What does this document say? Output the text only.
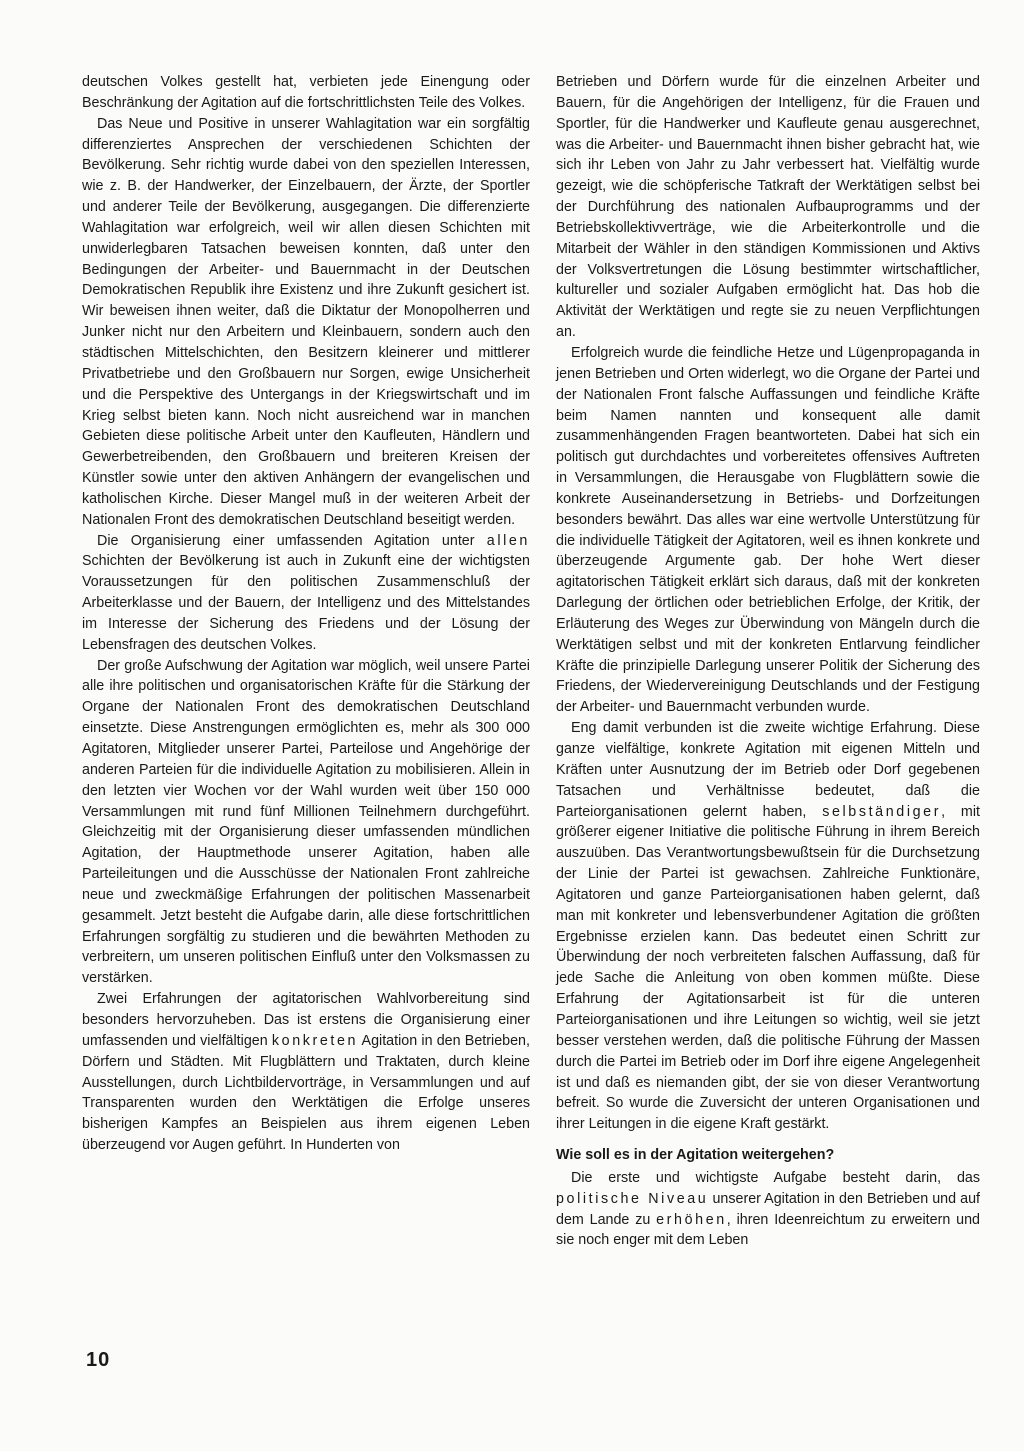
deutschen Volkes gestellt hat, verbieten jede Einengung oder Beschränkung der Agitation auf die fortschrittlichsten Teile des Volkes.

Das Neue und Positive in unserer Wahlagitation war ein sorgfältig differenziertes Ansprechen der verschiedenen Schichten der Bevölkerung. Sehr richtig wurde dabei von den speziellen Interessen, wie z. B. der Handwerker, der Einzelbauern, der Ärzte, der Sportler und anderer Teile der Bevölkerung, ausgegangen. Die differenzierte Wahlagitation war erfolgreich, weil wir allen diesen Schichten mit unwiderlegbaren Tatsachen beweisen konnten, daß unter den Bedingungen der Arbeiter- und Bauernmacht in der Deutschen Demokratischen Republik ihre Existenz und ihre Zukunft gesichert ist. Wir beweisen ihnen weiter, daß die Diktatur der Monopolherren und Junker nicht nur den Arbeitern und Kleinbauern, sondern auch den städtischen Mittelschichten, den Besitzern kleinerer und mittlerer Privatbetriebe und den Großbauern nur Sorgen, ewige Unsicherheit und die Perspektive des Untergangs in der Kriegswirtschaft und im Krieg selbst bieten kann. Noch nicht ausreichend war in manchen Gebieten diese politische Arbeit unter den Kaufleuten, Händlern und Gewerbetreibenden, den Großbauern und breiteren Kreisen der Künstler sowie unter den aktiven Anhängern der evangelischen und katholischen Kirche. Dieser Mangel muß in der weiteren Arbeit der Nationalen Front des demokratischen Deutschland beseitigt werden.

Die Organisierung einer umfassenden Agitation unter allen Schichten der Bevölkerung ist auch in Zukunft eine der wichtigsten Voraussetzungen für den politischen Zusammenschluß der Arbeiterklasse und der Bauern, der Intelligenz und des Mittelstandes im Interesse der Sicherung des Friedens und der Lösung der Lebensfragen des deutschen Volkes.

Der große Aufschwung der Agitation war möglich, weil unsere Partei alle ihre politischen und organisatorischen Kräfte für die Stärkung der Organe der Nationalen Front des demokratischen Deutschland einsetzte. Diese Anstrengungen ermöglichten es, mehr als 300 000 Agitatoren, Mitglieder unserer Partei, Parteilose und Angehörige der anderen Parteien für die individuelle Agitation zu mobilisieren. Allein in den letzten vier Wochen vor der Wahl wurden weit über 150 000 Versammlungen mit rund fünf Millionen Teilnehmern durchgeführt. Gleichzeitig mit der Organisierung dieser umfassenden mündlichen Agitation, der Hauptmethode unserer Agitation, haben alle Parteileitungen und die Ausschüsse der Nationalen Front zahlreiche neue und zweckmäßige Erfahrungen der politischen Massenarbeit gesammelt. Jetzt besteht die Aufgabe darin, alle diese fortschrittlichen Erfahrungen sorgfältig zu studieren und die bewährten Methoden zu verbreitern, um unseren politischen Einfluß unter den Volksmassen zu verstärken.

Zwei Erfahrungen der agitatorischen Wahlvorbereitung sind besonders hervorzuheben. Das ist erstens die Organisierung einer umfassenden und vielfältigen konkreten Agitation in den Betrieben, Dörfern und Städten. Mit Flugblättern und Traktaten, durch kleine Ausstellungen, durch Lichtbildervorträge, in Versammlungen und auf Transparenten wurden den Werktätigen die Erfolge unseres bisherigen Kampfes an Beispielen aus ihrem eigenen Leben überzeugend vor Augen geführt. In Hunderten von

Betrieben und Dörfern wurde für die einzelnen Arbeiter und Bauern, für die Angehörigen der Intelligenz, für die Frauen und Sportler, für die Handwerker und Kaufleute genau ausgerechnet, was die Arbeiter- und Bauernmacht ihnen bisher gebracht hat, wie sich ihr Leben von Jahr zu Jahr verbessert hat. Vielfältig wurde gezeigt, wie die schöpferische Tatkraft der Werktätigen selbst bei der Durchführung des nationalen Aufbauprogramms und der Betriebskollektivverträge, wie die Arbeiterkontrolle und die Mitarbeit der Wähler in den ständigen Kommissionen und Aktivs der Volksvertretungen die Lösung bestimmter wirtschaftlicher, kultureller und sozialer Aufgaben ermöglicht hat. Das hob die Aktivität der Werktätigen und regte sie zu neuen Verpflichtungen an.

Erfolgreich wurde die feindliche Hetze und Lügenpropaganda in jenen Betrieben und Orten widerlegt, wo die Organe der Partei und der Nationalen Front falsche Auffassungen und feindliche Kräfte beim Namen nannten und konsequent alle damit zusammenhängenden Fragen beantworteten. Dabei hat sich ein politisch gut durchdachtes und vorbereitetes offensives Auftreten in Versammlungen, die Herausgabe von Flugblättern sowie die konkrete Auseinandersetzung in Betriebs- und Dorfzeitungen besonders bewährt. Das alles war eine wertvolle Unterstützung für die individuelle Tätigkeit der Agitatoren, weil es ihnen konkrete und überzeugende Argumente gab. Der hohe Wert dieser agitatorischen Tätigkeit erklärt sich daraus, daß mit der konkreten Darlegung der örtlichen oder betrieblichen Erfolge, der Kritik, der Erläuterung des Weges zur Überwindung von Mängeln durch die Werktätigen selbst und mit der konkreten Entlarvung feindlicher Kräfte die prinzipielle Darlegung unserer Politik der Sicherung des Friedens, der Wiedervereinigung Deutschlands und der Festigung der Arbeiter- und Bauernmacht verbunden wurde.

Eng damit verbunden ist die zweite wichtige Erfahrung. Diese ganze vielfältige, konkrete Agitation mit eigenen Mitteln und Kräften unter Ausnutzung der im Betrieb oder Dorf gegebenen Tatsachen und Verhältnisse bedeutet, daß die Parteiorganisationen gelernt haben, selbständiger, mit größerer eigener Initiative die politische Führung in ihrem Bereich auszuüben. Das Verantwortungsbewußtsein für die Durchsetzung der Linie der Partei ist gewachsen. Zahlreiche Funktionäre, Agitatoren und ganze Parteiorganisationen haben gelernt, daß man mit konkreter und lebensverbundener Agitation die größten Ergebnisse erzielen kann. Das bedeutet einen Schritt zur Überwindung der noch verbreiteten falschen Auffassung, daß für jede Sache die Anleitung von oben kommen müßte. Diese Erfahrung der Agitationsarbeit ist für die unteren Parteiorganisationen und ihre Leitungen so wichtig, weil sie jetzt besser verstehen werden, daß die politische Führung der Massen durch die Partei im Betrieb oder im Dorf ihre eigene Angelegenheit ist und daß es niemanden gibt, der sie von dieser Verantwortung befreit. So wurde die Zuversicht der unteren Organisationen und ihrer Leitungen in die eigene Kraft gestärkt.

Wie soll es in der Agitation weitergehen?

Die erste und wichtigste Aufgabe besteht darin, das politische Niveau unserer Agitation in den Betrieben und auf dem Lande zu erhöhen, ihren Ideenreichtum zu erweitern und sie noch enger mit dem Leben

10
